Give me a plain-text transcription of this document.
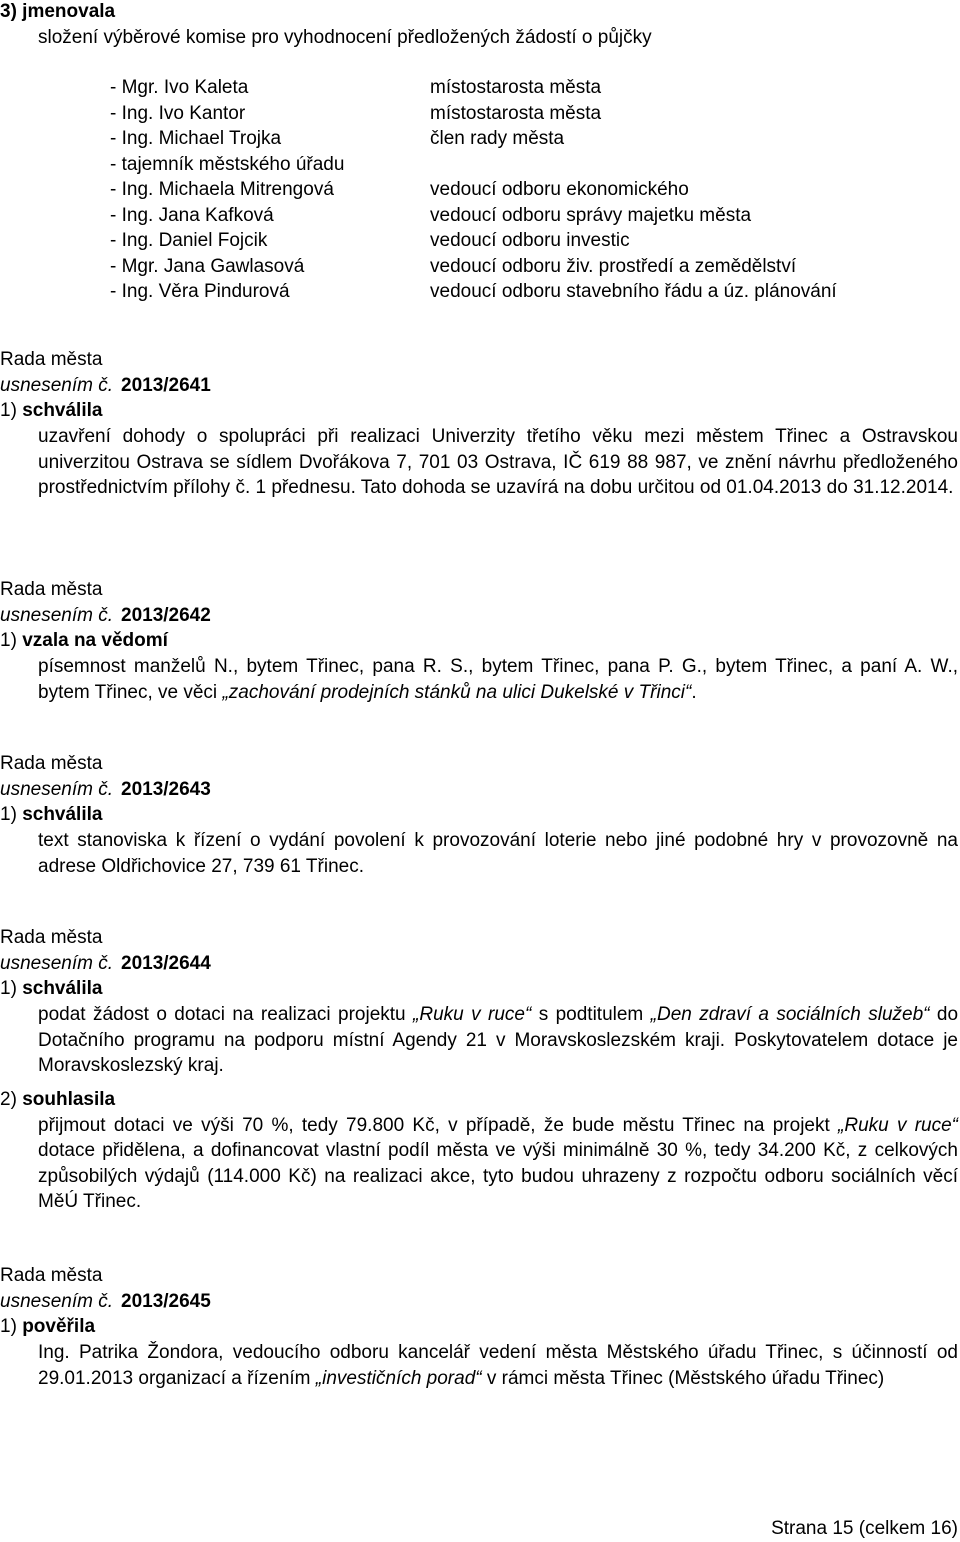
3) jmenovala
složení výběrové komise pro vyhodnocení předložených žádostí o půjčky
- Mgr. Ivo Kaleta	místostarosta města
- Ing. Ivo Kantor	místostarosta města
- Ing. Michael Trojka	člen rady města
- tajemník městského úřadu
- Ing. Michaela Mitrengová	vedoucí odboru ekonomického
- Ing. Jana Kafková	vedoucí odboru správy majetku města
- Ing. Daniel Fojcik	vedoucí odboru investic
- Mgr. Jana Gawlasová	vedoucí odboru živ. prostředí a zemědělství
- Ing. Věra Pindurová	vedoucí odboru stavebního řádu a úz. plánování
Rada města
usnesením č. 2013/2641
1) schválila
uzavření dohody o spolupráci při realizaci Univerzity třetího věku mezi městem Třinec a Ostravskou univerzitou Ostrava se sídlem Dvořákova 7, 701 03 Ostrava, IČ 619 88 987, ve znění návrhu předloženého prostřednictvím přílohy č. 1 přednesu. Tato dohoda se uzavírá na dobu určitou od 01.04.2013 do 31.12.2014.
Rada města
usnesením č. 2013/2642
1) vzala na vědomí
písemnost manželů N., bytem Třinec, pana R. S., bytem Třinec, pana P. G., bytem Třinec, a paní A. W., bytem Třinec, ve věci „zachování prodejních stánků na ulici Dukelské v Třinci“.
Rada města
usnesením č. 2013/2643
1) schválila
text stanoviska k řízení o vydání povolení k provozování loterie nebo jiné podobné hry v provozovně na adrese Oldřichovice 27, 739 61 Třinec.
Rada města
usnesením č. 2013/2644
1) schválila
podat žádost o dotaci na realizaci projektu „Ruku v ruce“ s podtitulem „Den zdraví a sociálních služeb“ do Dotačního programu na podporu místní Agendy 21 v Moravskoslezském kraji. Poskytovatelem dotace je Moravskoslezský kraj.
2) souhlasila
přijmout dotaci ve výši 70 %, tedy 79.800 Kč, v případě, že bude městu Třinec na projekt „Ruku v ruce“ dotace přidělena, a dofinancovat vlastní podíl města ve výši minimálně 30 %, tedy 34.200 Kč, z celkových způsobilých výdajů (114.000 Kč) na realizaci akce, tyto budou uhrazeny z rozpočtu odboru sociálních věcí MěÚ Třinec.
Rada města
usnesením č. 2013/2645
1) pověřila
Ing. Patrika Žondora, vedoucího odboru kancelář vedení města Městského úřadu Třinec, s účinností od 29.01.2013 organizací a řízením „investičních porad“ v rámci města Třinec (Městského úřadu Třinec)
Strana 15 (celkem 16)
